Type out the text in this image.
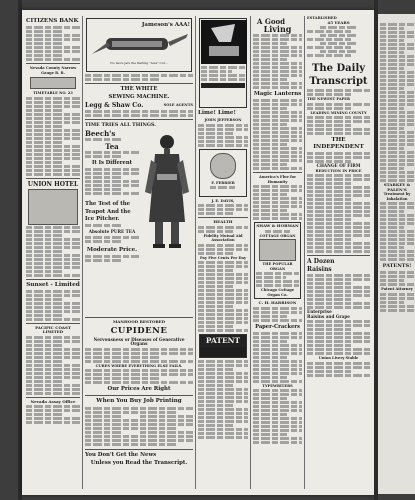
CITIZENS BANK
Nevada County Narrow Gauge R. R.
TIMETABLE NO. 23
UNION HOTEL
Sunset - Limited
PACIFIC COAST LIMITED
Nevada Assay Office
Jameson's AAA!
No more jars the Darling "AAA" Cut...
THE WHITE
SEWING MACHINE.
Legg & Shaw Co.	SOLE AGENTS
TIME TRIES ALL THINGS.
Beech's
Tea
It Is Different
The Test of the
Teapot And the
Ice Pitcher.
Absolute PURE TEA
Moderate Price.
MANHOOD RESTORED
CUPIDENE
Nervousness or Diseases of Generative Organs
CURES WHERE EVERYTHING ELSE FAILS.
Our Prices Are Right
When You Buy Job Printing
You Don't Get the News
Unless you Read the Transcript.

Lime! Lime!
JOHN JEFFERSON
F. FERRIER
J. E. DAVIS,
HEALTH
Fidelity Mutual Aid Association
Pay Five Cents Per Day
PATENT
A Good
Living
Magic Lanterns
America's Flue for Humanity
SHAW & HOBMAN
COTTAGE ORGAN
THE POPULAR ORGAN
Chicago Cottage Organ Co.
C. H. HARRISON
Paper-Crackers
TYPEWRITERS
ESTABLISHED
45 YEARS
The Daily
Transcript
THE NEWEST PAPER
LEADING MINING COUNTY
THE INDEPENDENT
CHANGE OF FIRM
REDUCTION IN PRICE
A Dozen
Raisins
Enterprise
Raisins and Grape
Union Livery Stable
STARKEY & PALEN'S
Treatment by Inhalation
PATENTS!
Patent Attorney
